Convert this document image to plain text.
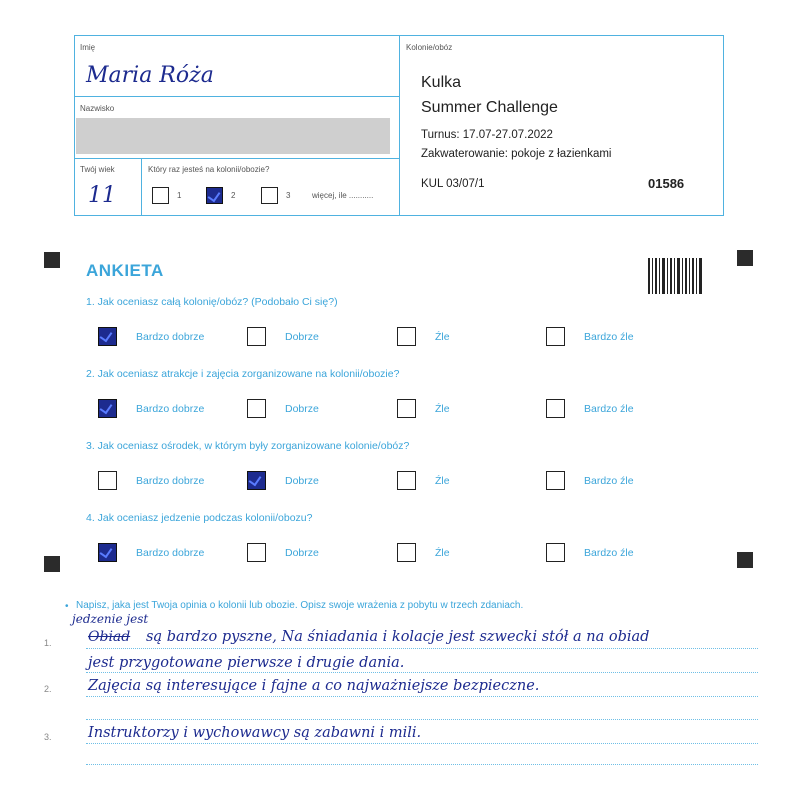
Imię
Maria Róża
Nazwisko
Twój wiek
11
Który raz jesteś na kolonii/obozie?
1	2	3	więcej, ile ...........
Kolonie/obóz
Kulka
Summer Challenge
Turnus: 17.07-27.07.2022
Zakwaterowanie: pokoje z łazienkami
KUL 03/07/1	01586
ANKIETA
1. Jak oceniasz całą kolonię/obóz? (Podobało Ci się?)
Bardzo dobrze	Dobrze	Źle	Bardzo źle
2. Jak oceniasz atrakcje i zajęcia zorganizowane na kolonii/obozie?
Bardzo dobrze	Dobrze	Źle	Bardzo źle
3. Jak oceniasz ośrodek, w którym były zorganizowane kolonie/obóz?
Bardzo dobrze	Dobrze	Źle	Bardzo źle
4. Jak oceniasz jedzenie podczas kolonii/obozu?
Bardzo dobrze	Dobrze	Źle	Bardzo źle
• Napisz, jaka jest Twoja opinia o kolonii lub obozie. Opisz swoje wrażenia z pobytu w trzech zdaniach.
1.
2.
3.
jedzenie jest
Obiad są bardzo pyszne, Na śniadania i kolacje jest szwecki stół a na obiad
jest przygotowane pierwsze i drugie dania.
Zajęcia są interesujące i fajne a co najważniejsze bezpieczne.
Instruktorzy i wychowawcy są zabawni i mili.
